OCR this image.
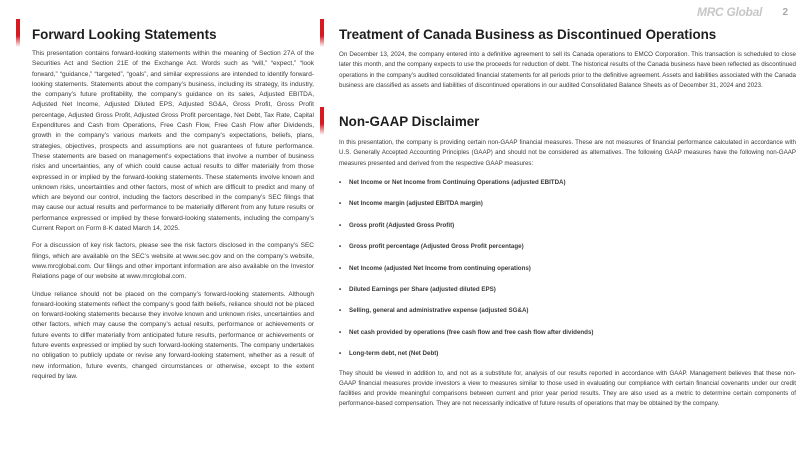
2
MRC Global
Forward Looking Statements

This presentation contains forward-looking statements within the meaning of Section 27A of the Securities Act and Section 21E of the Exchange Act. Words such as “will,” “expect,” “look forward,” “guidance,” “targeted”, “goals”, and similar expressions are intended to identify forward-looking statements. Statements about the company’s business, including its strategy, its industry, the company’s future profitability, the company’s guidance on its sales, Adjusted EBITDA, Adjusted Net Income, Adjusted Diluted EPS, Adjusted SG&A, Gross Profit, Gross Profit percentage, Adjusted Gross Profit, Adjusted Gross Profit percentage, Net Debt, Tax Rate, Capital Expenditures and Cash from Operations, Free Cash Flow, Free Cash Flow after Dividends, growth in the company’s various markets and the company’s expectations, beliefs, plans, strategies, objectives, prospects and assumptions are not guarantees of future performance. These statements are based on management’s expectations that involve a number of business risks and uncertainties, any of which could cause actual results to differ materially from those expressed in or implied by the forward-looking statements. These statements involve known and unknown risks, uncertainties and other factors, most of which are difficult to predict and many of which are beyond our control, including the factors described in the company’s SEC filings that may cause our actual results and performance to be materially different from any future results or performance expressed or implied by these forward-looking statements, including the company’s Current Report on Form 8-K dated March 14, 2025.

For a discussion of key risk factors, please see the risk factors disclosed in the company’s SEC filings, which are available on the SEC’s website at www.sec.gov and on the company’s website, www.mrcglobal.com. Our filings and other important information are also available on the Investor Relations page of our website at www.mrcglobal.com.

Undue reliance should not be placed on the company’s forward-looking statements. Although forward-looking statements reflect the company’s good faith beliefs, reliance should not be placed on forward-looking statements because they involve known and unknown risks, uncertainties and other factors, which may cause the company’s actual results, performance or achievements or future events to differ materially from anticipated future results, performance or achievements or future events expressed or implied by such forward-looking statements. The company undertakes no obligation to publicly update or revise any forward-looking statement, whether as a result of new information, future events, changed circumstances or otherwise, except to the extent required by law.

Treatment of Canada Business as Discontinued Operations

On December 13, 2024, the company entered into a definitive agreement to sell its Canada operations to EMCO Corporation. This transaction is scheduled to close later this month, and the company expects to use the proceeds for reduction of debt. The historical results of the Canada business have been reflected as discontinued operations in the company’s audited consolidated financial statements for all periods prior to the definitive agreement. Assets and liabilities associated with the Canada business are classified as assets and liabilities of discontinued operations in our audited Consolidated Balance Sheets as of December 31, 2024 and 2023.

Non-GAAP Disclaimer

In this presentation, the company is providing certain non-GAAP financial measures. These are not measures of financial performance calculated in accordance with U.S. Generally Accepted Accounting Principles (GAAP) and should not be considered as alternatives. The following GAAP measures have the following non-GAAP measures presented and derived from the respective GAAP measures:

• Net Income or Net Income from Continuing Operations (adjusted EBITDA)
• Net Income margin (adjusted EBITDA margin)
• Gross profit (Adjusted Gross Profit)
• Gross profit percentage (Adjusted Gross Profit percentage)
• Net Income (adjusted Net Income from continuing operations)
• Diluted Earnings per Share (adjusted diluted EPS)
• Selling, general and administrative expense (adjusted SG&A)
• Net cash provided by operations (free cash flow and free cash flow after dividends)
• Long-term debt, net (Net Debt)

They should be viewed in addition to, and not as a substitute for, analysis of our results reported in accordance with GAAP. Management believes that these non-GAAP financial measures provide investors a view to measures similar to those used in evaluating our compliance with certain financial covenants under our credit facilities and provide meaningful comparisons between current and prior year period results. They are also used as a metric to determine certain components of performance-based compensation. They are not necessarily indicative of future results of operations that may be obtained by the company.
